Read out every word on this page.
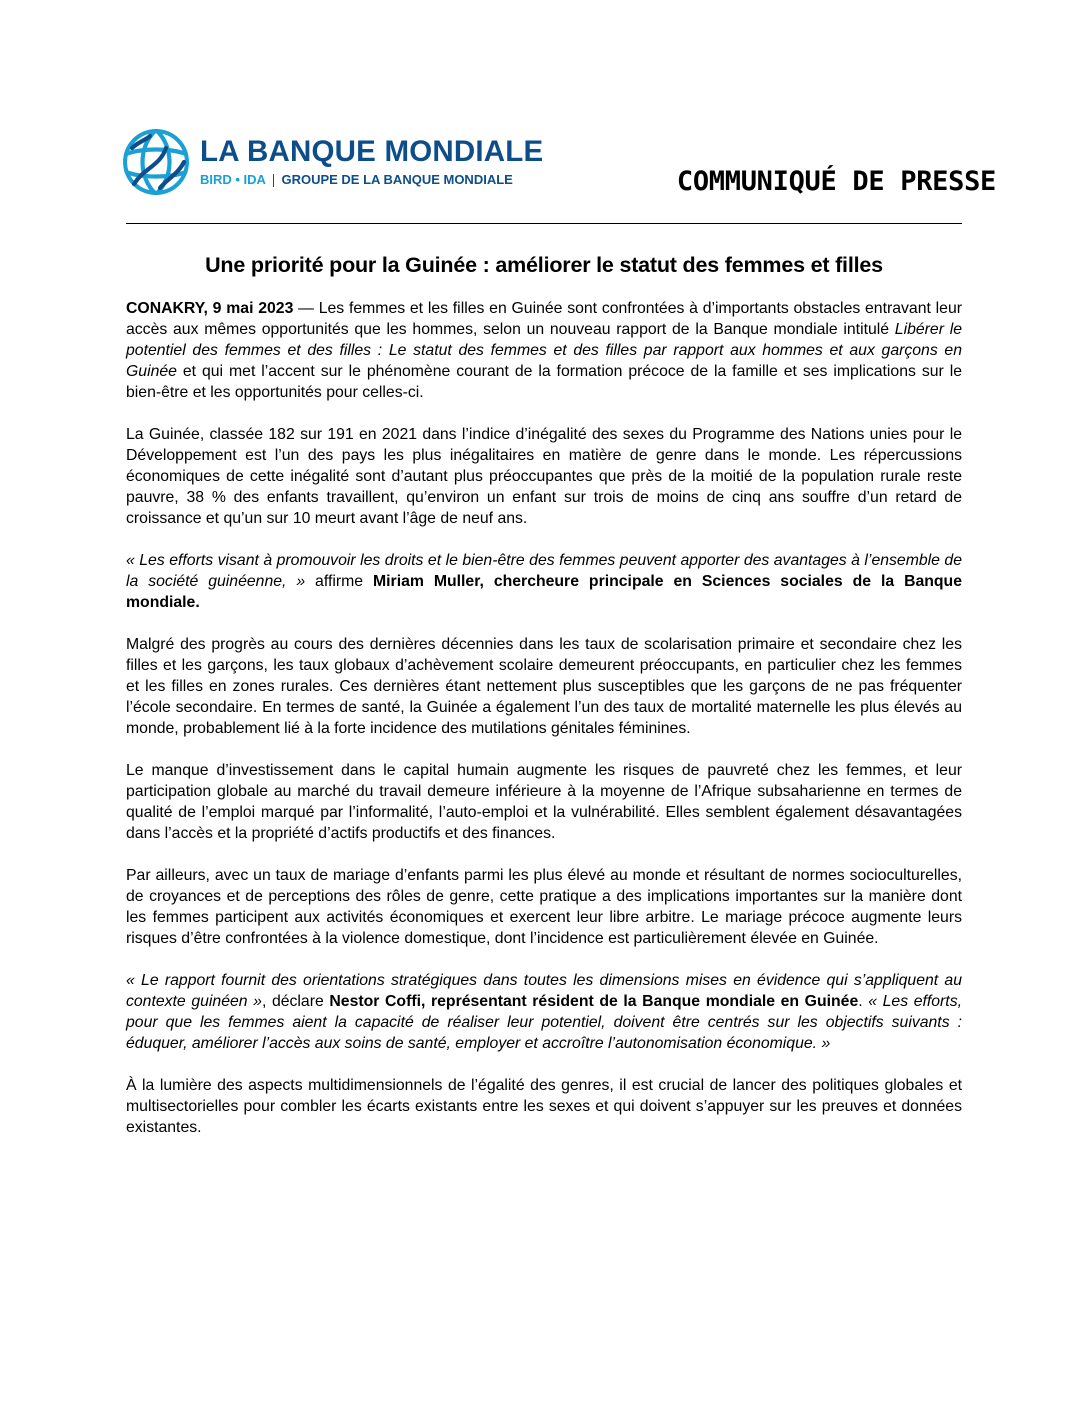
LA BANQUE MONDIALE
BIRD • IDA GROUPE DE LA BANQUE MONDIALE	COMMUNIQUÉ DE PRESSE
Une priorité pour la Guinée : améliorer le statut des femmes et filles

CONAKRY, 9 mai 2023 — Les femmes et les filles en Guinée sont confrontées à d’importants obstacles entravant leur accès aux mêmes opportunités que les hommes, selon un nouveau rapport de la Banque mondiale intitulé Libérer le potentiel des femmes et des filles : Le statut des femmes et des filles par rapport aux hommes et aux garçons en Guinée et qui met l’accent sur le phénomène courant de la formation précoce de la famille et ses implications sur le bien-être et les opportunités pour celles-ci.

La Guinée, classée 182 sur 191 en 2021 dans l’indice d’inégalité des sexes du Programme des Nations unies pour le Développement est l’un des pays les plus inégalitaires en matière de genre dans le monde. Les répercussions économiques de cette inégalité sont d’autant plus préoccupantes que près de la moitié de la population rurale reste pauvre, 38 % des enfants travaillent, qu’environ un enfant sur trois de moins de cinq ans souffre d’un retard de croissance et qu’un sur 10 meurt avant l’âge de neuf ans.

« Les efforts visant à promouvoir les droits et le bien-être des femmes peuvent apporter des avantages à l’ensemble de la société guinéenne, » affirme Miriam Muller, chercheure principale en Sciences sociales de la Banque mondiale.

Malgré des progrès au cours des dernières décennies dans les taux de scolarisation primaire et secondaire chez les filles et les garçons, les taux globaux d’achèvement scolaire demeurent préoccupants, en particulier chez les femmes et les filles en zones rurales. Ces dernières étant nettement plus susceptibles que les garçons de ne pas fréquenter l’école secondaire. En termes de santé, la Guinée a également l’un des taux de mortalité maternelle les plus élevés au monde, probablement lié à la forte incidence des mutilations génitales féminines.

Le manque d’investissement dans le capital humain augmente les risques de pauvreté chez les femmes, et leur participation globale au marché du travail demeure inférieure à la moyenne de l’Afrique subsaharienne en termes de qualité de l’emploi marqué par l’informalité, l’auto-emploi et la vulnérabilité. Elles semblent également désavantagées dans l’accès et la propriété d’actifs productifs et des finances.

Par ailleurs, avec un taux de mariage d’enfants parmi les plus élevé au monde et résultant de normes socioculturelles, de croyances et de perceptions des rôles de genre, cette pratique a des implications importantes sur la manière dont les femmes participent aux activités économiques et exercent leur libre arbitre. Le mariage précoce augmente leurs risques d’être confrontées à la violence domestique, dont l’incidence est particulièrement élevée en Guinée.

« Le rapport fournit des orientations stratégiques dans toutes les dimensions mises en évidence qui s’appliquent au contexte guinéen », déclare Nestor Coffi, représentant résident de la Banque mondiale en Guinée. « Les efforts, pour que les femmes aient la capacité de réaliser leur potentiel, doivent être centrés sur les objectifs suivants : éduquer, améliorer l’accès aux soins de santé, employer et accroître l’autonomisation économique. »

À la lumière des aspects multidimensionnels de l’égalité des genres, il est crucial de lancer des politiques globales et multisectorielles pour combler les écarts existants entre les sexes et qui doivent s’appuyer sur les preuves et données existantes.
